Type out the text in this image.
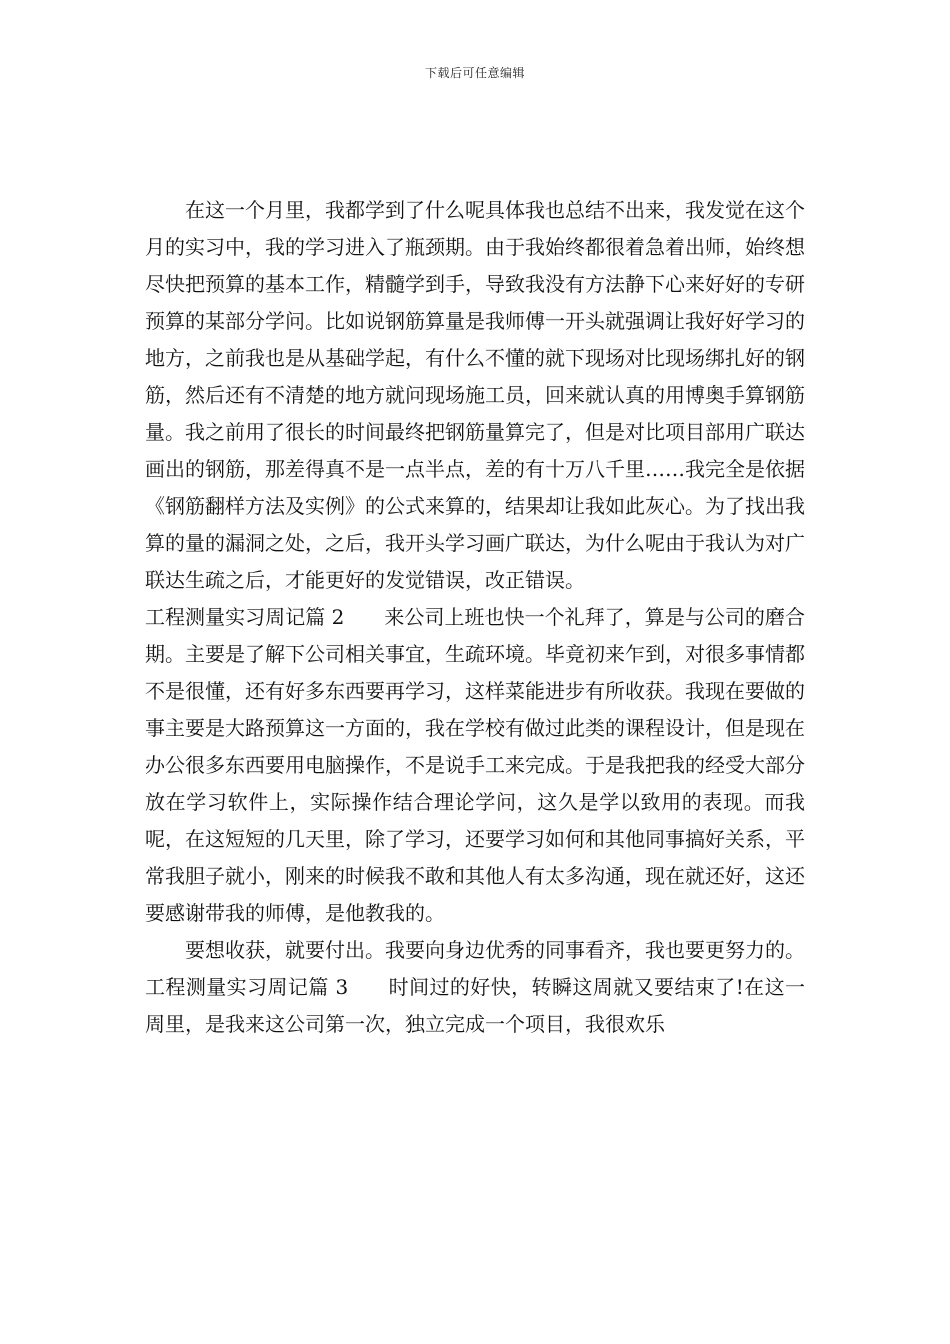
下载后可任意编辑

在这一个月里，我都学到了什么呢具体我也总结不出来，我发觉在这个月的实习中，我的学习进入了瓶颈期。由于我始终都很着急着出师，始终想尽快把预算的基本工作，精髓学到手，导致我没有方法静下心来好好的专研预算的某部分学问。比如说钢筋算量是我师傅一开头就强调让我好好学习的地方，之前我也是从基础学起，有什么不懂的就下现场对比现场绑扎好的钢筋，然后还有不清楚的地方就问现场施工员，回来就认真的用博奥手算钢筋量。我之前用了很长的时间最终把钢筋量算完了，但是对比项目部用广联达画出的钢筋，那差得真不是一点半点，差的有十万八千里……我完全是依据《钢筋翻样方法及实例》的公式来算的，结果却让我如此灰心。为了找出我算的量的漏洞之处，之后，我开头学习画广联达，为什么呢由于我认为对广联达生疏之后，才能更好的发觉错误，改正错误。

工程测量实习周记篇 2 来公司上班也快一个礼拜了，算是与公司的磨合期。主要是了解下公司相关事宜，生疏环境。毕竟初来乍到，对很多事情都不是很懂，还有好多东西要再学习，这样菜能进步有所收获。我现在要做的事主要是大路预算这一方面的，我在学校有做过此类的课程设计，但是现在办公很多东西要用电脑操作，不是说手工来完成。于是我把我的经受大部分放在学习软件上，实际操作结合理论学问，这久是学以致用的表现。而我呢，在这短短的几天里，除了学习，还要学习如何和其他同事搞好关系，平常我胆子就小，刚来的时候我不敢和其他人有太多沟通，现在就还好，这还要感谢带我的师傅，是他教我的。

要想收获，就要付出。我要向身边优秀的同事看齐，我也要更努力的。

工程测量实习周记篇 3 时间过的好快，转瞬这周就又要结束了!在这一周里，是我来这公司第一次，独立完成一个项目，我很欢乐
